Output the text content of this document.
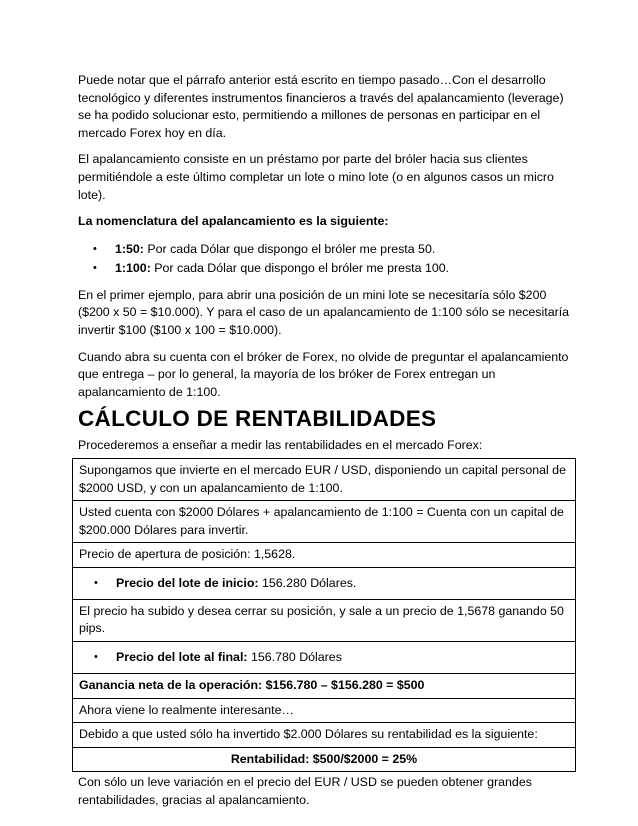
Puede notar que el párrafo anterior está escrito en tiempo pasado…Con el desarrollo tecnológico y diferentes instrumentos financieros a través del apalancamiento (leverage) se ha podido solucionar esto, permitiendo a millones de personas en participar en el mercado Forex hoy en día.

El apalancamiento consiste en un préstamo por parte del bróler hacia sus clientes permitiéndole a este último completar un lote o mino lote (o en algunos casos un micro lote).

La nomenclatura del apalancamiento es la siguiente:

• 1:50: Por cada Dólar que dispongo el bróler me presta 50.
• 1:100: Por cada Dólar que dispongo el bróler me presta 100.

En el primer ejemplo, para abrir una posición de un mini lote se necesitaría sólo $200 ($200 x 50 = $10.000). Y para el caso de un apalancamiento de 1:100 sólo se necesitaría invertir $100 ($100 x 100 = $10.000).

Cuando abra su cuenta con el bróker de Forex, no olvide de preguntar el apalancamiento que entrega – por lo general, la mayoría de los bróker de Forex entregan un apalancamiento de 1:100.

CÁLCULO DE RENTABILIDADES

Procederemos a enseñar a medir las rentabilidades en el mercado Forex:

Supongamos que invierte en el mercado EUR / USD, disponiendo un capital personal de $2000 USD, y con un apalancamiento de 1:100.

Usted cuenta con $2000 Dólares + apalancamiento de 1:100 = Cuenta con un capital de $200.000 Dólares para invertir.

Precio de apertura de posición: 1,5628.

• Precio del lote de inicio: 156.280 Dólares.

El precio ha subido y desea cerrar su posición, y sale a un precio de 1,5678 ganando 50 pips.

• Precio del lote al final: 156.780 Dólares

Ganancia neta de la operación: $156.780 – $156.280 = $500

Ahora viene lo realmente interesante…

Debido a que usted sólo ha invertido $2.000 Dólares su rentabilidad es la siguiente:

Rentabilidad: $500/$2000 = 25%

Con sólo un leve variación en el precio del EUR / USD se pueden obtener grandes rentabilidades, gracias al apalancamiento.
